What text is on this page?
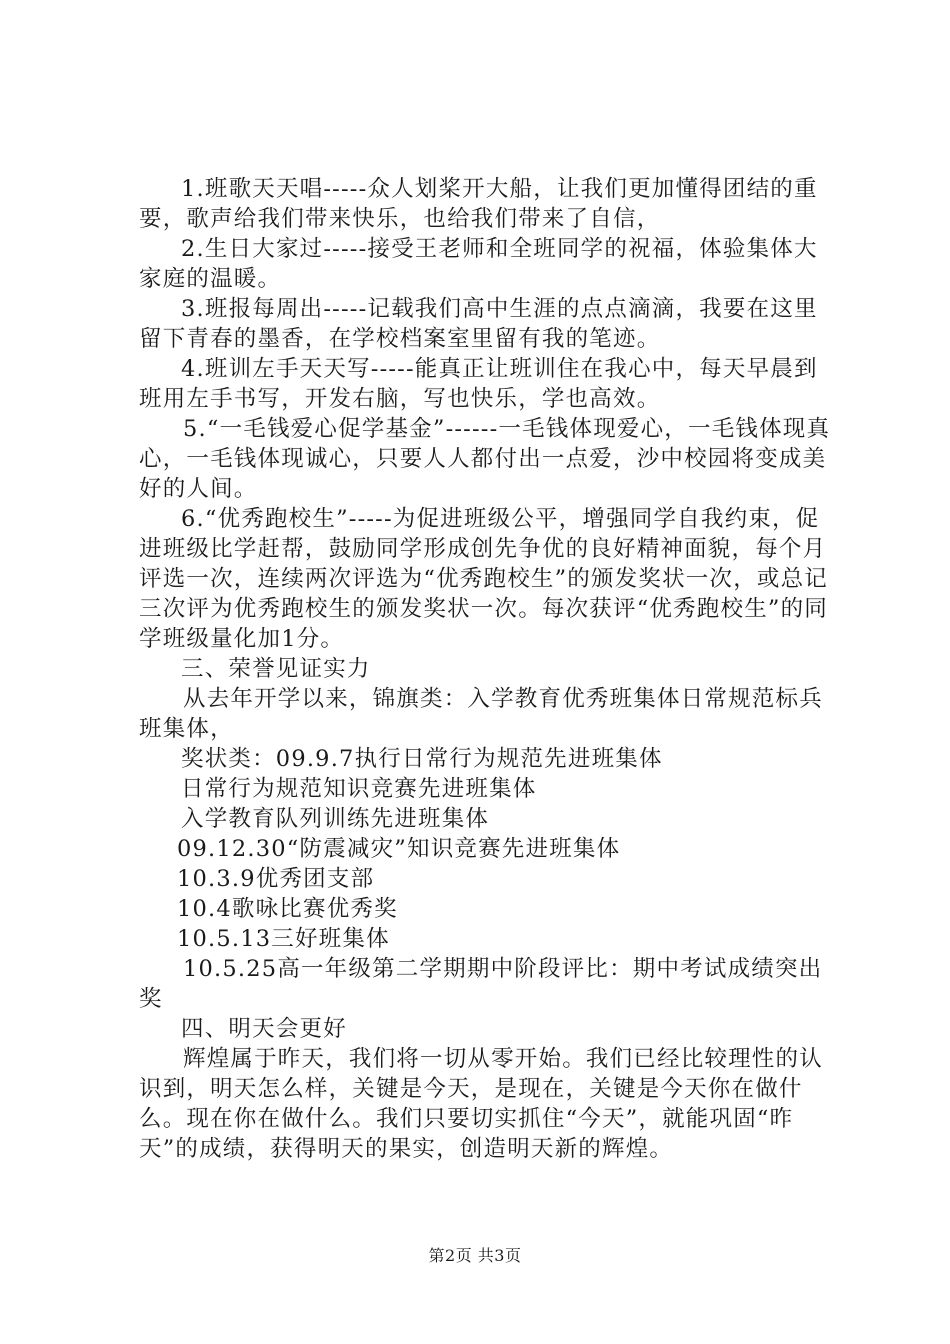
1.班歌天天唱-----众人划桨开大船，让我们更加懂得团结的重要，歌声给我们带来快乐，也给我们带来了自信，

2.生日大家过-----接受王老师和全班同学的祝福，体验集体大家庭的温暖。

3.班报每周出-----记载我们高中生涯的点点滴滴，我要在这里留下青春的墨香，在学校档案室里留有我的笔迹。

4.班训左手天天写-----能真正让班训住在我心中，每天早晨到班用左手书写，开发右脑，写也快乐，学也高效。

5.“一毛钱爱心促学基金”------一毛钱体现爱心，一毛钱体现真心，一毛钱体现诚心，只要人人都付出一点爱，沙中校园将变成美好的人间。

6.“优秀跑校生”-----为促进班级公平，增强同学自我约束，促进班级比学赶帮，鼓励同学形成创先争优的良好精神面貌，每个月评选一次，连续两次评选为“优秀跑校生”的颁发奖状一次，或总记三次评为优秀跑校生的颁发奖状一次。每次获评“优秀跑校生”的同学班级量化加1分。

三、荣誉见证实力

从去年开学以来，锦旗类：入学教育优秀班集体日常规范标兵班集体，

奖状类：09.9.7执行日常行为规范先进班集体

日常行为规范知识竞赛先进班集体

入学教育队列训练先进班集体

09.12.30“防震减灾”知识竞赛先进班集体

10.3.9优秀团支部

10.4歌咏比赛优秀奖

10.5.13三好班集体

10.5.25高一年级第二学期期中阶段评比：期中考试成绩突出奖

四、明天会更好

辉煌属于昨天，我们将一切从零开始。我们已经比较理性的认识到，明天怎么样，关键是今天，是现在，关键是今天你在做什么。现在你在做什么。我们只要切实抓住“今天”，就能巩固“昨天”的成绩，获得明天的果实，创造明天新的辉煌。

第2页 共3页
